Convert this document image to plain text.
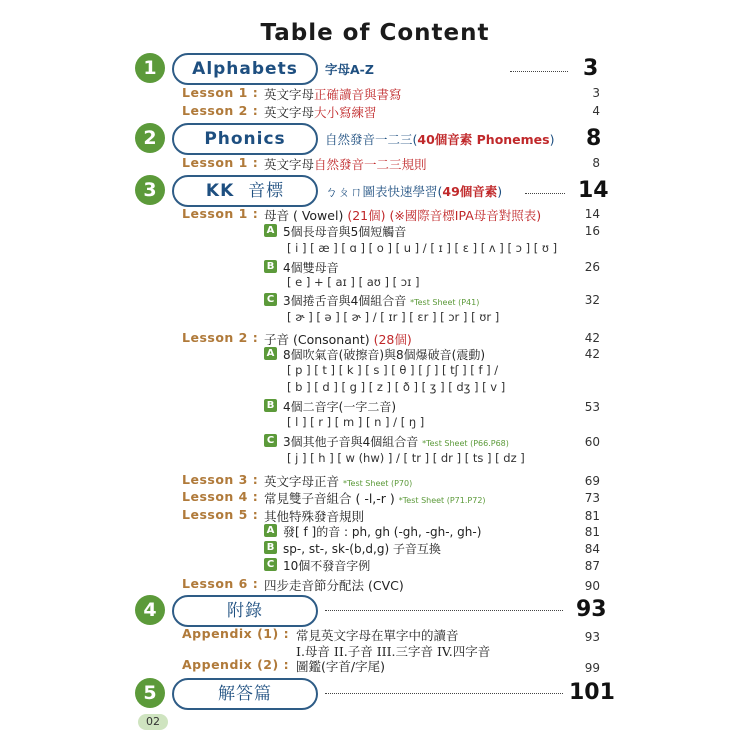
Table of Content
1	Alphabets	字母A-Z	3
Lesson 1 : 英文字母正確讀音與書寫	3
Lesson 2 : 英文字母大小寫練習	4
2	Phonics	自然發音一二三(40個音素 Phonemes) 8
Lesson 1 : 英文字母自然發音一二三規則	8
3	KK 音標	ㄅㄆㄇ圖表快速學習(49個音素)	14
Lesson 1 : 母音 ( Vowel) (21個) (※國際音標IPA母音對照表)	14
A 5個長母音與5個短觸音	16
[ i ] [ æ ] [ ɑ ] [ o ] [ u ] / [ ɪ ] [ ɛ ] [ ʌ ] [ ɔ ] [ ʊ ]
B 4個雙母音	26
[ e ] + [ aɪ ] [ aʊ ] [ ɔɪ ]
C 3個捲舌音與4個組合音 *Test Sheet (P41)	32
[ ɚ ] [ ə ] [ ɚ ] / [ ɪr ] [ ɛr ] [ ɔr ] [ ʊr ]
Lesson 2 : 子音 (Consonant) (28個)	42
A 8個吹氣音(破擦音)與8個爆破音(震動)	42
[ p ] [ t ] [ k ] [ s ] [ θ ] [ ʃ ] [ tʃ ] [ f ] /
[ b ] [ d ] [ g ] [ z ] [ ð ] [ ʒ ] [ dʒ ] [ v ]
B 4個二音字(一字二音)	53
[ l ] [ r ] [ m ] [ n ] / [ ŋ ]
C 3個其他子音與4個組合音 *Test Sheet (P66.P68)	60
[ j ] [ h ] [ w (hw) ] / [ tr ] [ dr ] [ ts ] [ dz ]
Lesson 3 : 英文字母正音 *Test Sheet (P70)	69
Lesson 4 : 常見雙子音組合 ( -l,-r ) *Test Sheet (P71.P72)	73
Lesson 5 : 其他特殊發音規則	81
A 發[ f ]的音 : ph, gh (-gh, -gh-, gh-)	81
B sp-, st-, sk-(b,d,g) 子音互換	84
C 10個不發音字例	87
Lesson 6 : 四步走音節分配法 (CVC)	90
4	附錄	93
Appendix (1) : 常見英文字母在單字中的讀音	93
I.母音 II.子音 III.三字音 IV.四字音
Appendix (2) : 圖鑑(字首/字尾)	99
5	解答篇	101
02
